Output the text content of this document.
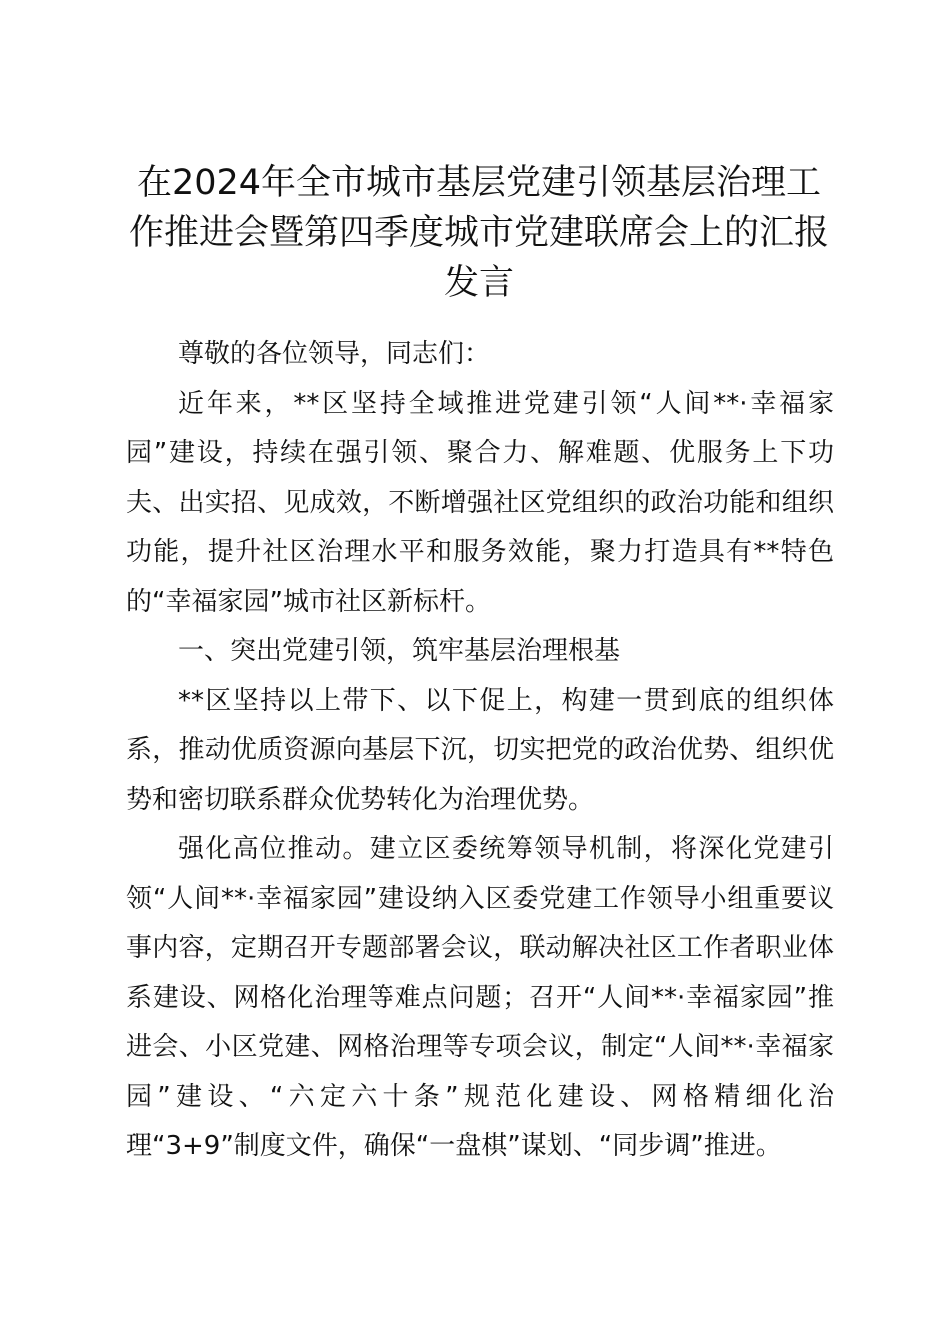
在2024年全市城市基层党建引领基层治理工作推进会暨第四季度城市党建联席会上的汇报发言

尊敬的各位领导，同志们：

近年来，**区坚持全域推进党建引领“人间**·幸福家园”建设，持续在强引领、聚合力、解难题、优服务上下功夫、出实招、见成效，不断增强社区党组织的政治功能和组织功能，提升社区治理水平和服务效能，聚力打造具有**特色的“幸福家园”城市社区新标杆。

一、突出党建引领，筑牢基层治理根基

**区坚持以上带下、以下促上，构建一贯到底的组织体系，推动优质资源向基层下沉，切实把党的政治优势、组织优势和密切联系群众优势转化为治理优势。

强化高位推动。建立区委统筹领导机制，将深化党建引领“人间**·幸福家园”建设纳入区委党建工作领导小组重要议事内容，定期召开专题部署会议，联动解决社区工作者职业体系建设、网格化治理等难点问题；召开“人间**·幸福家园”推进会、小区党建、网格治理等专项会议，制定“人间**·幸福家园”建设、“六定六十条”规范化建设、网格精细化治理“3+9”制度文件，确保“一盘棋”谋划、“同步调”推进。
